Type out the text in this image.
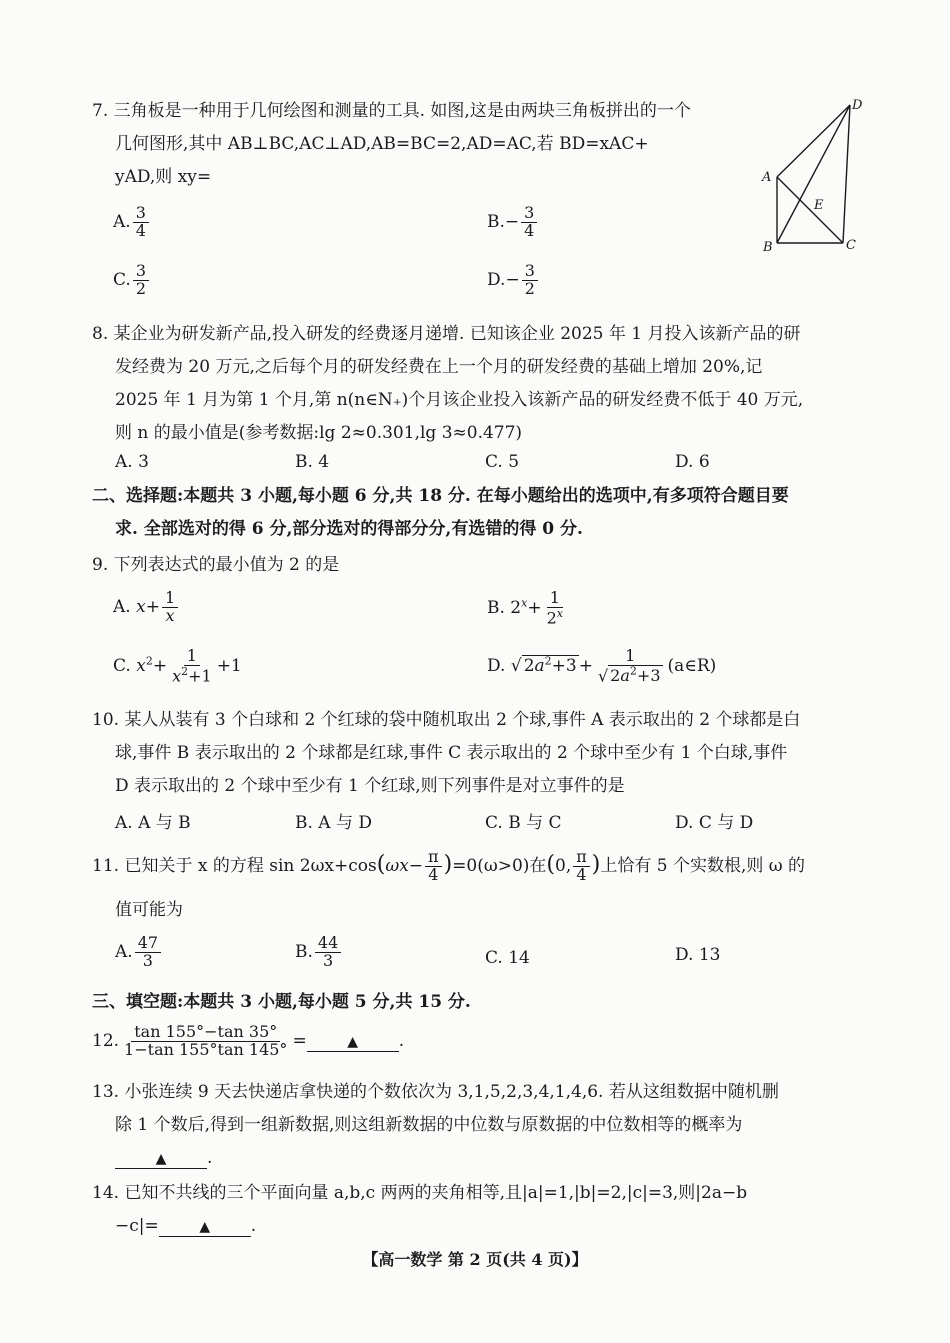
7. 三角板是一种用于几何绘图和测量的工具. 如图,这是由两块三角板拼出的一个

几何图形,其中 AB⊥BC,AC⊥AD,AB=BC=2,AD=AC,若 BD=xAC+

yAD,则 xy=

D
A
E
B	C
A. $\frac{3}{4}$	$B.- \frac{3}{4}$
C. $\frac{3}{2}$	$D.- \frac{3}{2}$

8. 某企业为研发新产品,投入研发的经费逐月递增. 已知该企业 2025 年 1 月投入该新产品的研

发经费为 20 万元,之后每个月的研发经费在上一个月的研发经费的基础上增加 20%,记

2025 年 1 月为第 1 个月,第 n(n∈N₊)个月该企业投入该新产品的研发经费不低于 40 万元,

则 n 的最小值是(参考数据:lg 2≈0.301,lg 3≈0.477)

A. 3	B. 4	C. 5	D. 6
二、选择题:本题共 3 小题,每小题 6 分,共 18 分. 在每小题给出的选项中,有多项符合题目要
求. 全部选对的得 6 分,部分选对的得部分分,有选错的得 0 分.

9. 下列表达式的最小值为 2 的是

A. $x+ \frac{1}{x}$	B. $2^x+ \frac{1}{2^x}$
C. $x^2+ \frac{1}{x^2+1} +1$	D. √ $2a^2+3 + \frac{1}{√ 2a^2+3}$ (a∈R)

10. 某人从装有 3 个白球和 2 个红球的袋中随机取出 2 个球,事件 A 表示取出的 2 个球都是白

球,事件 B 表示取出的 2 个球都是红球,事件 C 表示取出的 2 个球中至少有 1 个白球,事件

D 表示取出的 2 个球中至少有 1 个红球,则下列事件是对立事件的是

A. A 与 B	B. A 与 D	C. B 与 C	D. C 与 D

11. 已知关于 x 的方程 $\sin 2\omega x+\cos(\omega x- \frac{\pi}{4} )=0(\omega>0)$在(0, $\frac{\pi}{4}$ )上恰有 5 个实数根,则 ω 的

值可能为

A. $\frac{47}{3}$	B. $\frac{44}{3}$	C. 14	D. 13
三、填空题:本题共 3 小题,每小题 5 分,共 15 分.

12. $\frac{\tan 155^\circ-\tan 35^\circ}{1-\tan 155^\circ\tan 145^\circ}$ =	▲ .

13. 小张连续 9 天去快递店拿快递的个数依次为 3,1,5,2,3,4,1,4,6. 若从这组数据中随机删

除 1 个数后,得到一组新数据,则这组新数据的中位数与原数据的中位数相等的概率为

▲ .

14. 已知不共线的三个平面向量 a,b,c 两两的夹角相等,且|a|=1,|b|=2,|c|=3,则|2a−b

−c|=	▲ .

【高一数学 第 2 页(共 4 页)】
